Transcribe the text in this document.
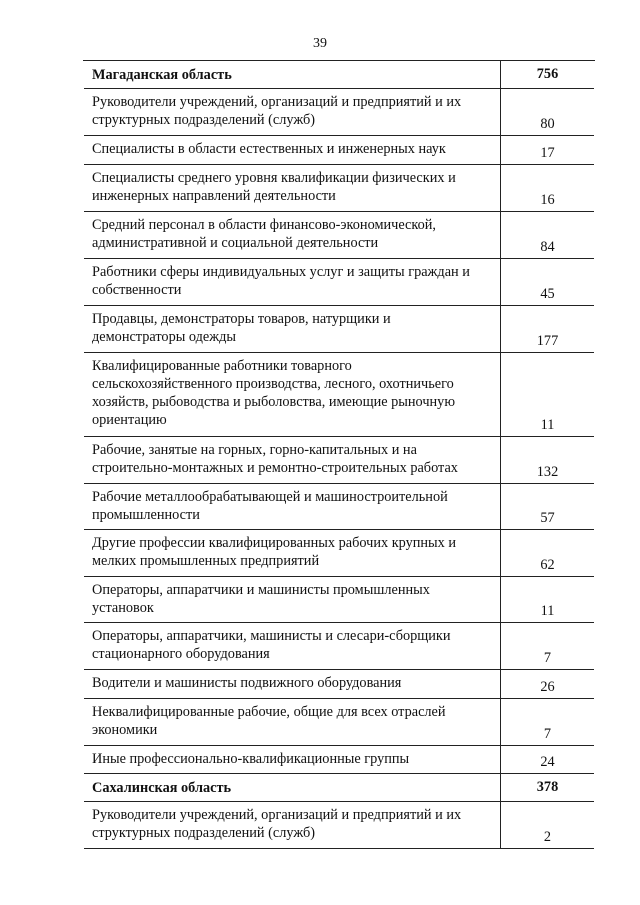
39
Магаданская область	756
Руководители учреждений, организаций и предприятий и их
структурных подразделений (служб)	80
Специалисты в области естественных и инженерных наук	17
Специалисты среднего уровня квалификации физических и
инженерных направлений деятельности	16
Средний персонал в области финансово-экономической,
административной и социальной деятельности	84
Работники сферы индивидуальных услуг и защиты граждан и
собственности	45
Продавцы, демонстраторы товаров, натурщики и
демонстраторы одежды	177
Квалифицированные работники товарного
сельскохозяйственного производства, лесного, охотничьего
хозяйств, рыбоводства и рыболовства, имеющие рыночную
ориентацию	11
Рабочие, занятые на горных, горно-капитальных и на
строительно-монтажных и ремонтно-строительных работах	132
Рабочие металлообрабатывающей и машиностроительной
промышленности	57
Другие профессии квалифицированных рабочих крупных и
мелких промышленных предприятий	62
Операторы, аппаратчики и машинисты промышленных
установок	11
Операторы, аппаратчики, машинисты и слесари-сборщики
стационарного оборудования	7
Водители и машинисты подвижного оборудования	26
Неквалифицированные рабочие, общие для всех отраслей
экономики	7
Иные профессионально-квалификационные группы	24
Сахалинская область	378
Руководители учреждений, организаций и предприятий и их
структурных подразделений (служб)	2
